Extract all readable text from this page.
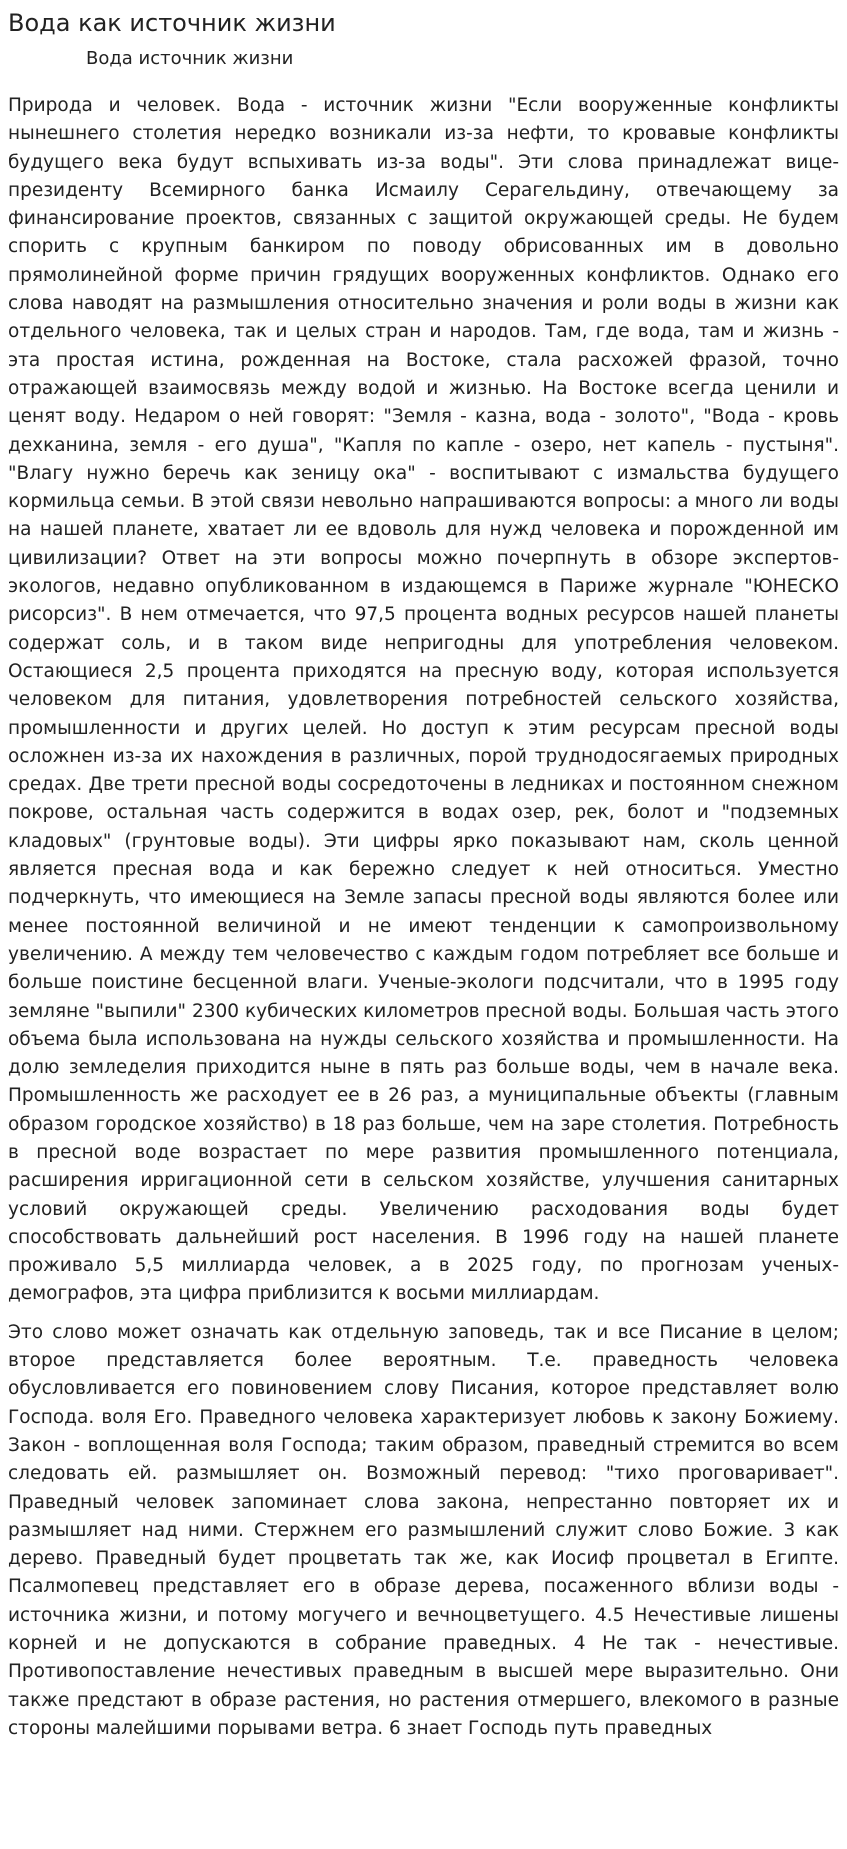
Вода как источник жизни
Вода источник жизни

Природа и человек. Вода - источник жизни "Если вооруженные конфликты нынешнего столетия нередко возникали из-за нефти, то кровавые конфликты будущего века будут вспыхивать из-за воды". Эти слова принадлежат вице-президенту Всемирного банка Исмаилу Серагельдину, отвечающему за финансирование проектов, связанных с защитой окружающей среды. Не будем спорить с крупным банкиром по поводу обрисованных им в довольно прямолинейной форме причин грядущих вооруженных конфликтов. Однако его слова наводят на размышления относительно значения и роли воды в жизни как отдельного человека, так и целых стран и народов. Там, где вода, там и жизнь - эта простая истина, рожденная на Востоке, стала расхожей фразой, точно отражающей взаимосвязь между водой и жизнью. На Востоке всегда ценили и ценят воду. Недаром о ней говорят: "Земля - казна, вода - золото", "Вода - кровь дехканина, земля - его душа", "Капля по капле - озеро, нет капель - пустыня". "Влагу нужно беречь как зеницу ока" - воспитывают с измальства будущего кормильца семьи. В этой связи невольно напрашиваются вопросы: а много ли воды на нашей планете, хватает ли ее вдоволь для нужд человека и порожденной им цивилизации? Ответ на эти вопросы можно почерпнуть в обзоре экспертов-экологов, недавно опубликованном в издающемся в Париже журнале "ЮНЕСКО рисорсиз". В нем отмечается, что 97,5 процента водных ресурсов нашей планеты содержат соль, и в таком виде непригодны для употребления человеком. Остающиеся 2,5 процента приходятся на пресную воду, которая используется человеком для питания, удовлетворения потребностей сельского хозяйства, промышленности и других целей. Но доступ к этим ресурсам пресной воды осложнен из-за их нахождения в различных, порой труднодосягаемых природных средах. Две трети пресной воды сосредоточены в ледниках и постоянном снежном покрове, остальная часть содержится в водах озер, рек, болот и "подземных кладовых" (грунтовые воды). Эти цифры ярко показывают нам, сколь ценной является пресная вода и как бережно следует к ней относиться. Уместно подчеркнуть, что имеющиеся на Земле запасы пресной воды являются более или менее постоянной величиной и не имеют тенденции к самопроизвольному увеличению. А между тем человечество с каждым годом потребляет все больше и больше поистине бесценной влаги. Ученые-экологи подсчитали, что в 1995 году земляне "выпили" 2300 кубических километров пресной воды. Большая часть этого объема была использована на нужды сельского хозяйства и промышленности. На долю земледелия приходится ныне в пять раз больше воды, чем в начале века. Промышленность же расходует ее в 26 раз, а муниципальные объекты (главным образом городское хозяйство) в 18 раз больше, чем на заре столетия. Потребность в пресной воде возрастает по мере развития промышленного потенциала, расширения ирригационной сети в сельском хозяйстве, улучшения санитарных условий окружающей среды. Увеличению расходования воды будет способствовать дальнейший рост населения. В 1996 году на нашей планете проживало 5,5 миллиарда человек, а в 2025 году, по прогнозам ученых-демографов, эта цифра приблизится к восьми миллиардам.

Это слово может означать как отдельную заповедь, так и все Писание в целом; второе представляется более вероятным. Т.е. праведность человека обусловливается его повиновением слову Писания, которое представляет волю Господа. воля Его. Праведного человека характеризует любовь к закону Божиему. Закон - воплощенная воля Господа; таким образом, праведный стремится во всем следовать ей. размышляет он. Возможный перевод: "тихо проговаривает". Праведный человек запоминает слова закона, непрестанно повторяет их и размышляет над ними. Стержнем его размышлений служит слово Божие. 3 как дерево. Праведный будет процветать так же, как Иосиф процветал в Египте. Псалмопевец представляет его в образе дерева, посаженного вблизи воды - источника жизни, и потому могучего и вечноцветущего. 4.5 Нечестивые лишены корней и не допускаются в собрание праведных. 4 Не так - нечестивые. Противопоставление нечестивых праведным в высшей мере выразительно. Они также предстают в образе растения, но растения отмершего, влекомого в разные стороны малейшими порывами ветра. 6 знает Господь путь праведных
